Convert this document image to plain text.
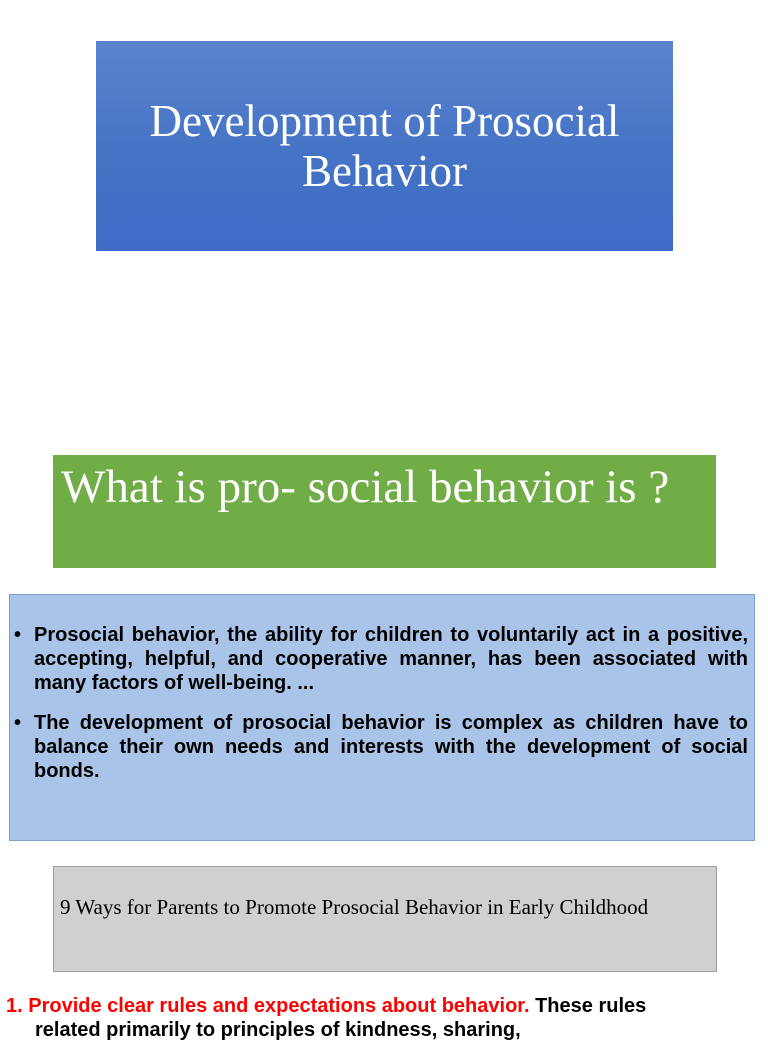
Development of Prosocial Behavior
What is pro- social behavior is ?
• Prosocial behavior, the ability for children to voluntarily act in a positive, accepting, helpful, and cooperative manner, has been associated with many factors of well-being. ...
• The development of prosocial behavior is complex as children have to balance their own needs and interests with the development of social bonds.
9 Ways for Parents to Promote Prosocial Behavior in Early Childhood
1. Provide clear rules and expectations about behavior. These rules
related primarily to principles of kindness, sharing,
